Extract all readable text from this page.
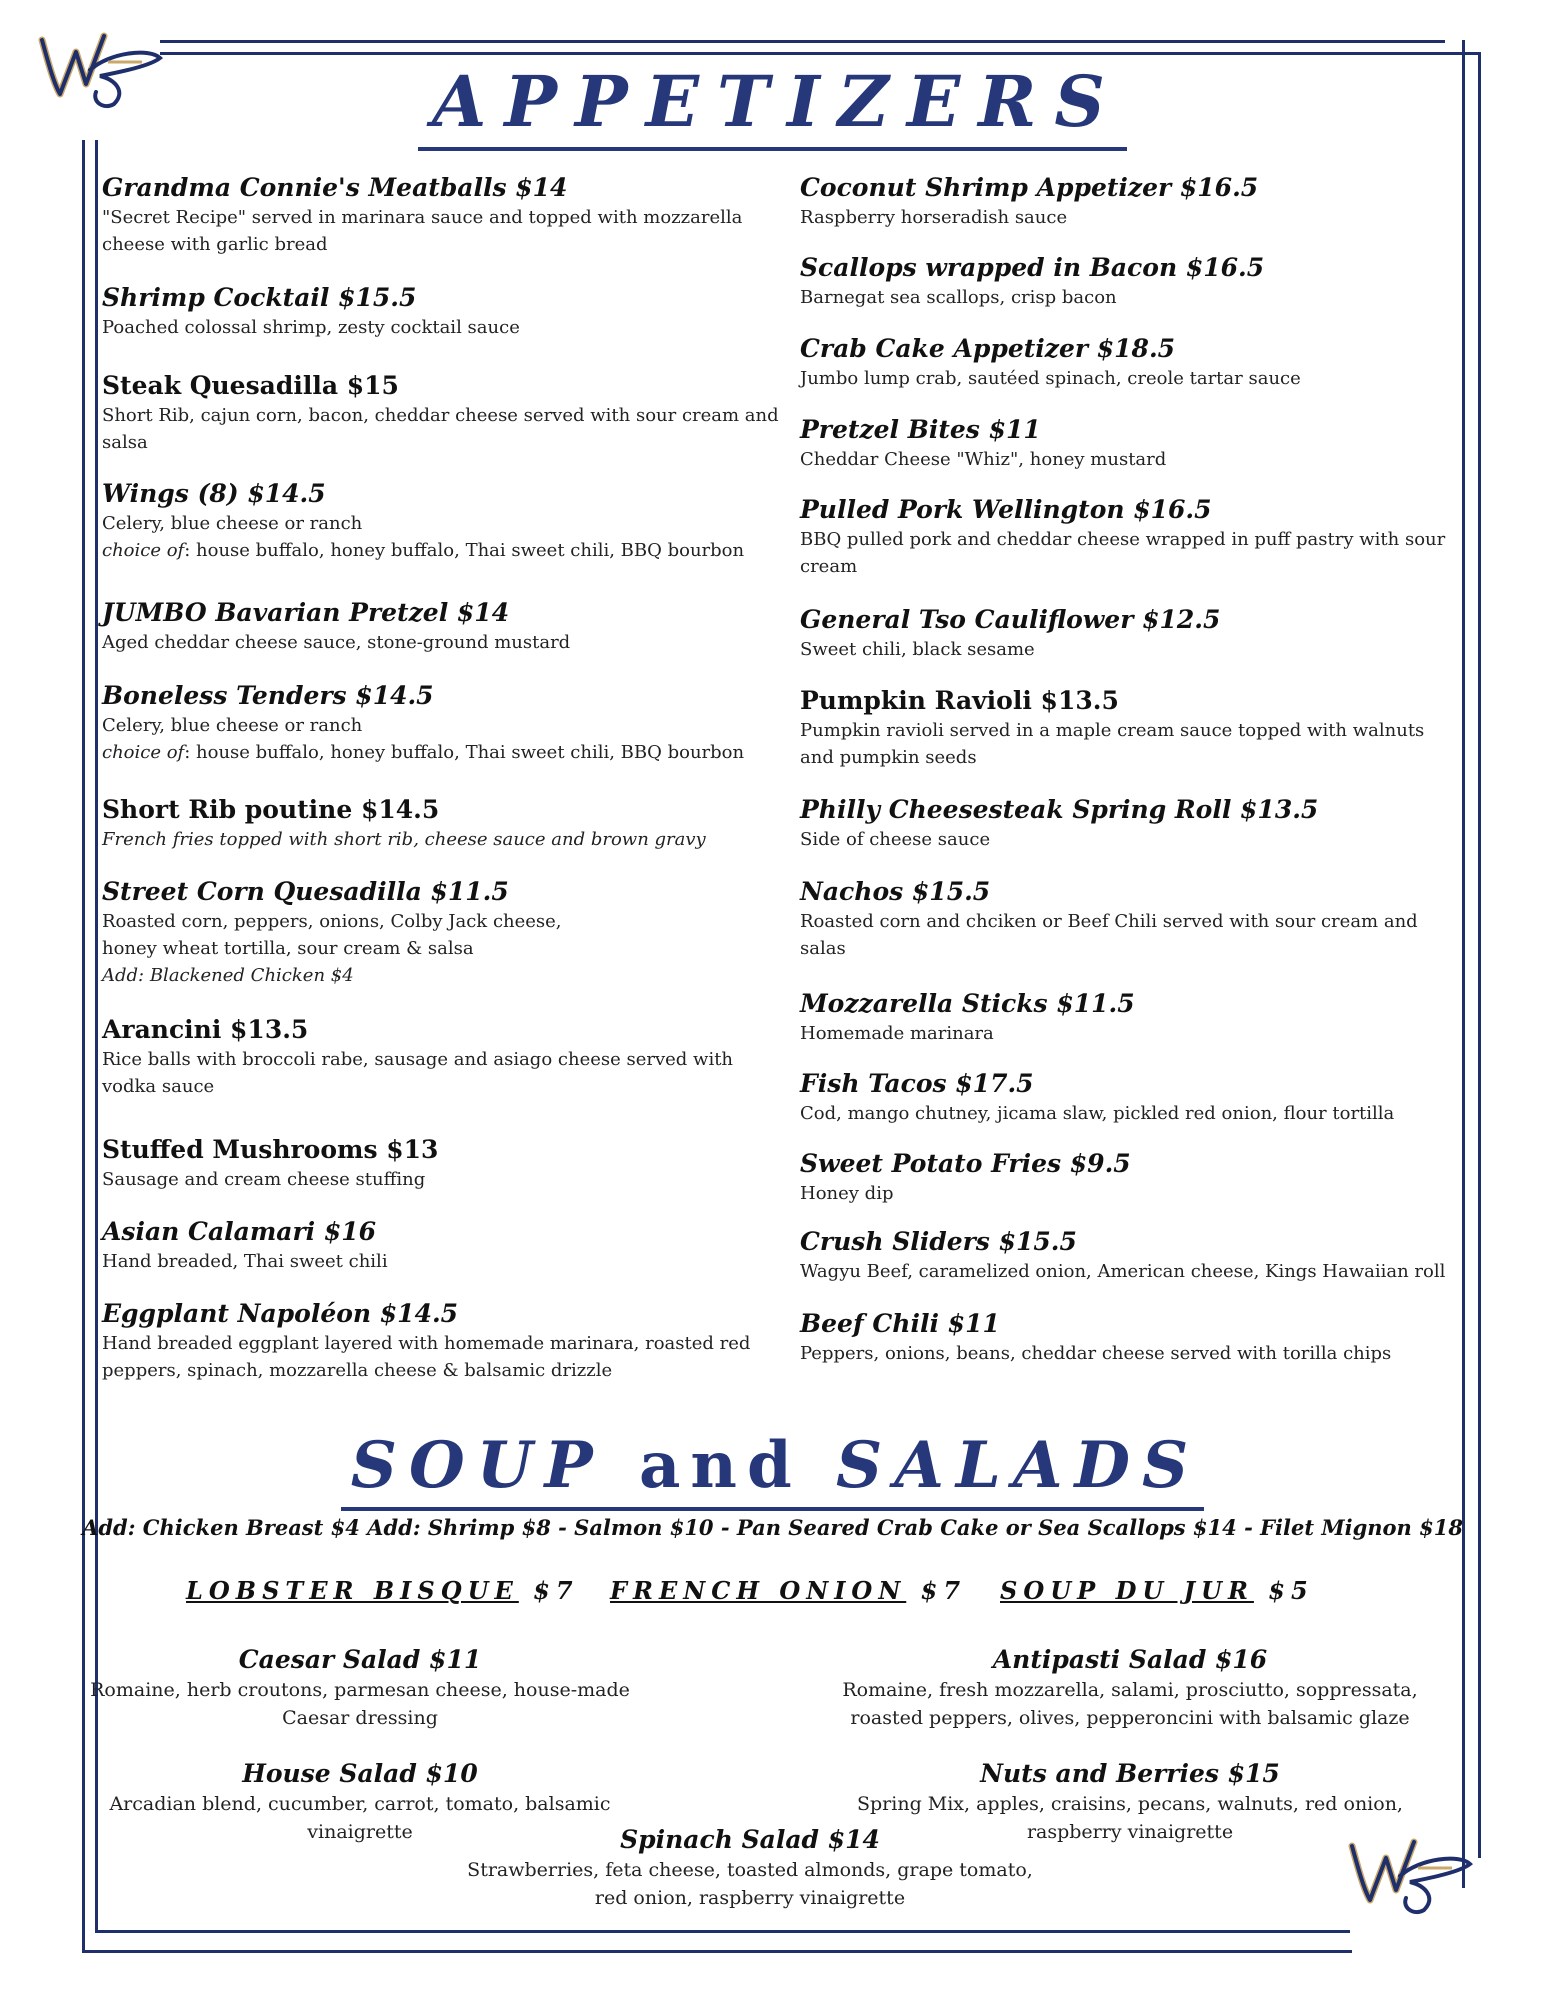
APPETIZERS
Grandma Connie's Meatballs $14
"Secret Recipe" served in marinara sauce and topped with mozzarella
cheese with garlic bread
Shrimp Cocktail $15.5
Poached colossal shrimp, zesty cocktail sauce
Steak Quesadilla $15
Short Rib, cajun corn, bacon, cheddar cheese served with sour cream and
salsa
Wings (8) $14.5
Celery, blue cheese or ranch
choice of: house buffalo, honey buffalo, Thai sweet chili, BBQ bourbon
JUMBO Bavarian Pretzel $14
Aged cheddar cheese sauce, stone-ground mustard
Boneless Tenders $14.5
Celery, blue cheese or ranch
choice of: house buffalo, honey buffalo, Thai sweet chili, BBQ bourbon
Short Rib poutine $14.5
French fries topped with short rib, cheese sauce and brown gravy
Street Corn Quesadilla $11.5
Roasted corn, peppers, onions, Colby Jack cheese,
honey wheat tortilla, sour cream & salsa
Add: Blackened Chicken $4
Arancini $13.5
Rice balls with broccoli rabe, sausage and asiago cheese served with
vodka sauce
Stuffed Mushrooms $13
Sausage and cream cheese stuffing
Asian Calamari $16
Hand breaded, Thai sweet chili
Eggplant Napoléon $14.5
Hand breaded eggplant layered with homemade marinara, roasted red
peppers, spinach, mozzarella cheese & balsamic drizzle
Coconut Shrimp Appetizer $16.5
Raspberry horseradish sauce
Scallops wrapped in Bacon $16.5
Barnegat sea scallops, crisp bacon
Crab Cake Appetizer $18.5
Jumbo lump crab, sautéed spinach, creole tartar sauce
Pretzel Bites $11
Cheddar Cheese "Whiz", honey mustard
Pulled Pork Wellington $16.5
BBQ pulled pork and cheddar cheese wrapped in puff pastry with sour
cream
General Tso Cauliflower $12.5
Sweet chili, black sesame
Pumpkin Ravioli $13.5
Pumpkin ravioli served in a maple cream sauce topped with walnuts
and pumpkin seeds
Philly Cheesesteak Spring Roll $13.5
Side of cheese sauce
Nachos $15.5
Roasted corn and chciken or Beef Chili served with sour cream and
salas
Mozzarella Sticks $11.5
Homemade marinara
Fish Tacos $17.5
Cod, mango chutney, jicama slaw, pickled red onion, flour tortilla
Sweet Potato Fries $9.5
Honey dip
Crush Sliders $15.5
Wagyu Beef, caramelized onion, American cheese, Kings Hawaiian roll
Beef Chili $11
Peppers, onions, beans, cheddar cheese served with torilla chips
SOUP and SALADS
Add: Chicken Breast $4 Add: Shrimp $8 - Salmon $10 - Pan Seared Crab Cake or Sea Scallops $14 - Filet Mignon $18
LOBSTER BISQUE $7 FRENCH ONION $7 SOUP DU JUR $5
Caesar Salad $11
Romaine, herb croutons, parmesan cheese, house-made
Caesar dressing
Antipasti Salad $16
Romaine, fresh mozzarella, salami, prosciutto, soppressata,
roasted peppers, olives, pepperoncini with balsamic glaze
House Salad $10
Arcadian blend, cucumber, carrot, tomato, balsamic
vinaigrette
Nuts and Berries $15
Spring Mix, apples, craisins, pecans, walnuts, red onion,
raspberry vinaigrette
Spinach Salad $14
Strawberries, feta cheese, toasted almonds, grape tomato,
red onion, raspberry vinaigrette
